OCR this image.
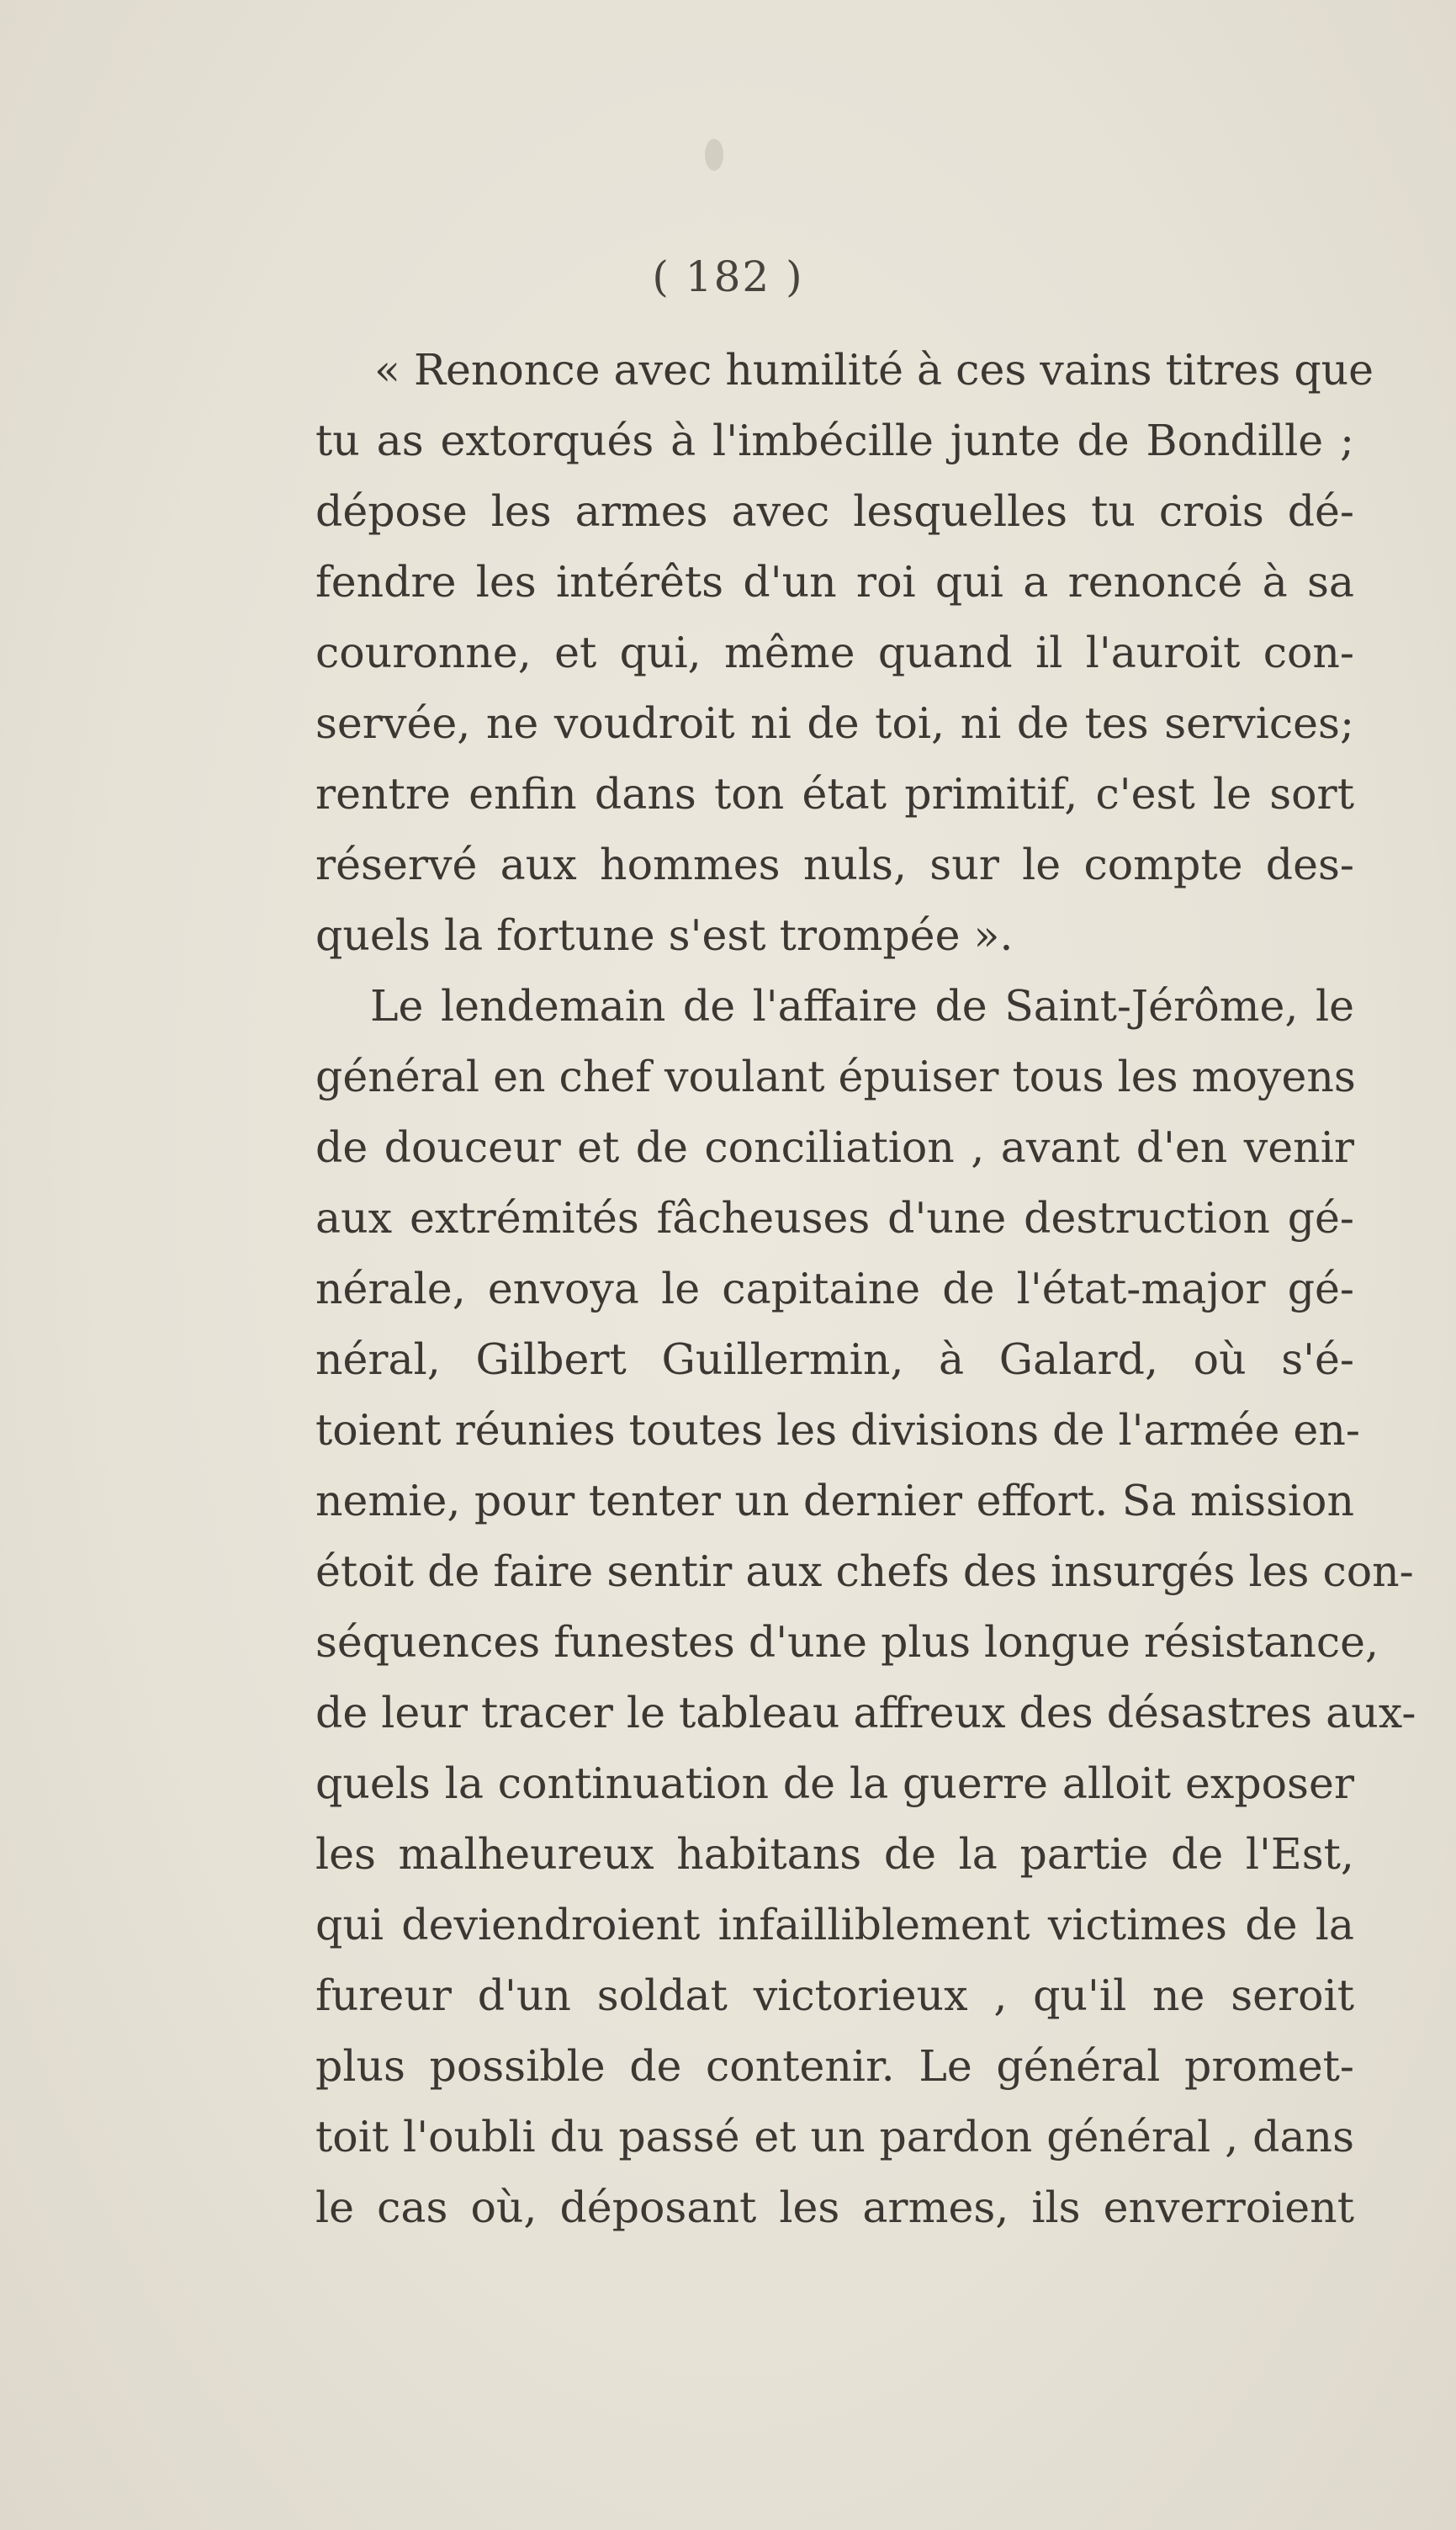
( 182 )
« Renonce avec humilité à ces vains titres que
tu as extorqués à l'imbécille junte de Bondille ;
dépose les armes avec lesquelles tu crois dé-
fendre les intérêts d'un roi qui a renoncé à sa
couronne, et qui, même quand il l'auroit con-
servée, ne voudroit ni de toi, ni de tes services;
rentre enfin dans ton état primitif, c'est le sort
réservé aux hommes nuls, sur le compte des-
quels la fortune s'est trompée ».
Le lendemain de l'affaire de Saint-Jérôme, le
général en chef voulant épuiser tous les moyens
de douceur et de conciliation , avant d'en venir
aux extrémités fâcheuses d'une destruction gé-
nérale, envoya le capitaine de l'état-major gé-
néral, Gilbert Guillermin, à Galard, où s'é-
toient réunies toutes les divisions de l'armée en-
nemie, pour tenter un dernier effort. Sa mission
étoit de faire sentir aux chefs des insurgés les con-
séquences funestes d'une plus longue résistance,
de leur tracer le tableau affreux des désastres aux-
quels la continuation de la guerre alloit exposer
les malheureux habitans de la partie de l'Est,
qui deviendroient infailliblement victimes de la
fureur d'un soldat victorieux , qu'il ne seroit
plus possible de contenir. Le général promet-
toit l'oubli du passé et un pardon général , dans
le cas où, déposant les armes, ils enverroient
